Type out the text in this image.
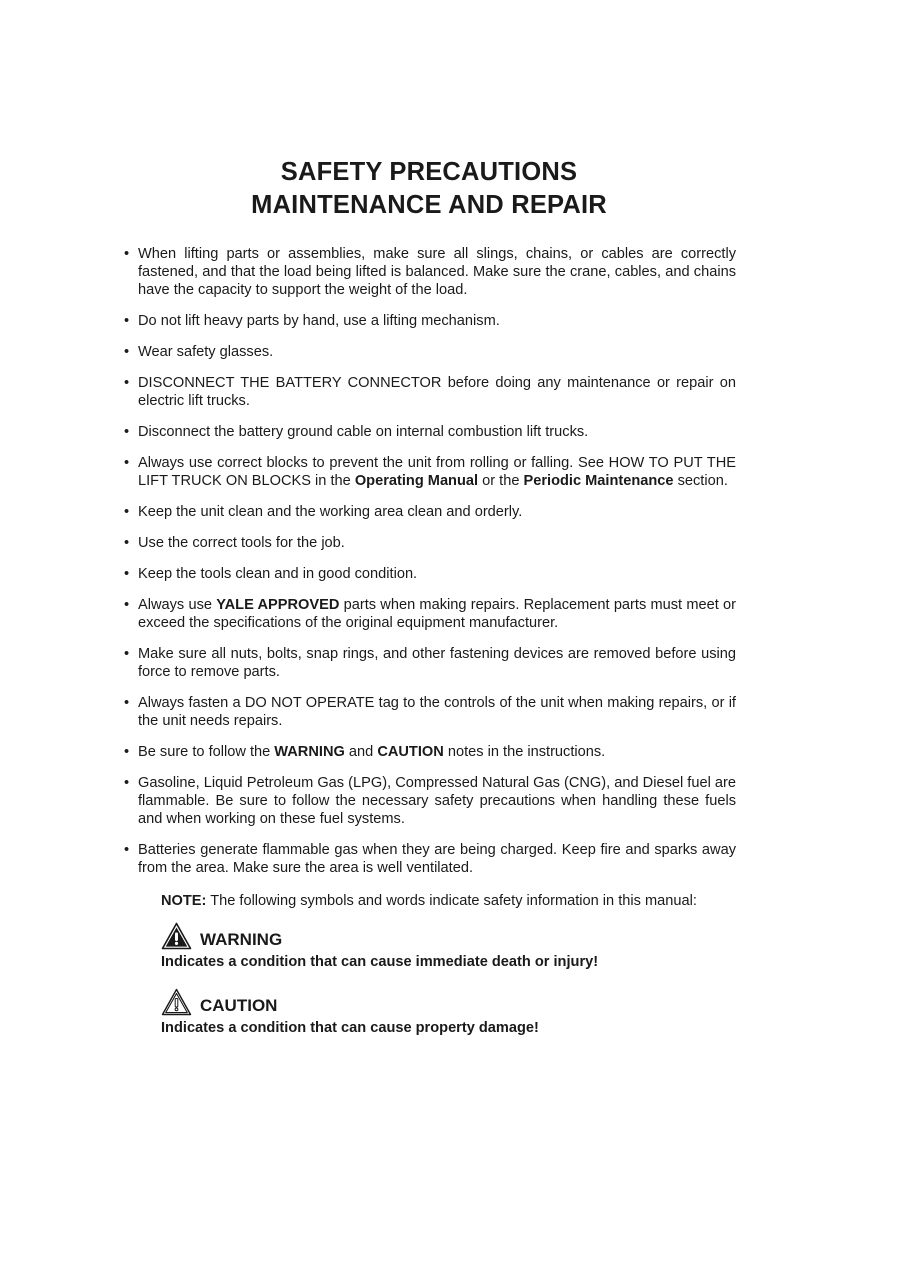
SAFETY PRECAUTIONS
MAINTENANCE AND REPAIR
• When lifting parts or assemblies, make sure all slings, chains, or cables are correctly fastened, and that the load being lifted is balanced. Make sure the crane, cables, and chains have the capacity to support the weight of the load.
• Do not lift heavy parts by hand, use a lifting mechanism.
• Wear safety glasses.
• DISCONNECT THE BATTERY CONNECTOR before doing any maintenance or repair on electric lift trucks.
• Disconnect the battery ground cable on internal combustion lift trucks.
• Always use correct blocks to prevent the unit from rolling or falling. See HOW TO PUT THE LIFT TRUCK ON BLOCKS in the Operating Manual or the Periodic Maintenance section.
• Keep the unit clean and the working area clean and orderly.
• Use the correct tools for the job.
• Keep the tools clean and in good condition.
• Always use YALE APPROVED parts when making repairs. Replacement parts must meet or exceed the specifications of the original equipment manufacturer.
• Make sure all nuts, bolts, snap rings, and other fastening devices are removed before using force to remove parts.
• Always fasten a DO NOT OPERATE tag to the controls of the unit when making repairs, or if the unit needs repairs.
• Be sure to follow the WARNING and CAUTION notes in the instructions.
• Gasoline, Liquid Petroleum Gas (LPG), Compressed Natural Gas (CNG), and Diesel fuel are flammable. Be sure to follow the necessary safety precautions when handling these fuels and when working on these fuel systems.
• Batteries generate flammable gas when they are being charged. Keep fire and sparks away from the area. Make sure the area is well ventilated.
NOTE: The following symbols and words indicate safety information in this manual:
WARNING
Indicates a condition that can cause immediate death or injury!
CAUTION
Indicates a condition that can cause property damage!
